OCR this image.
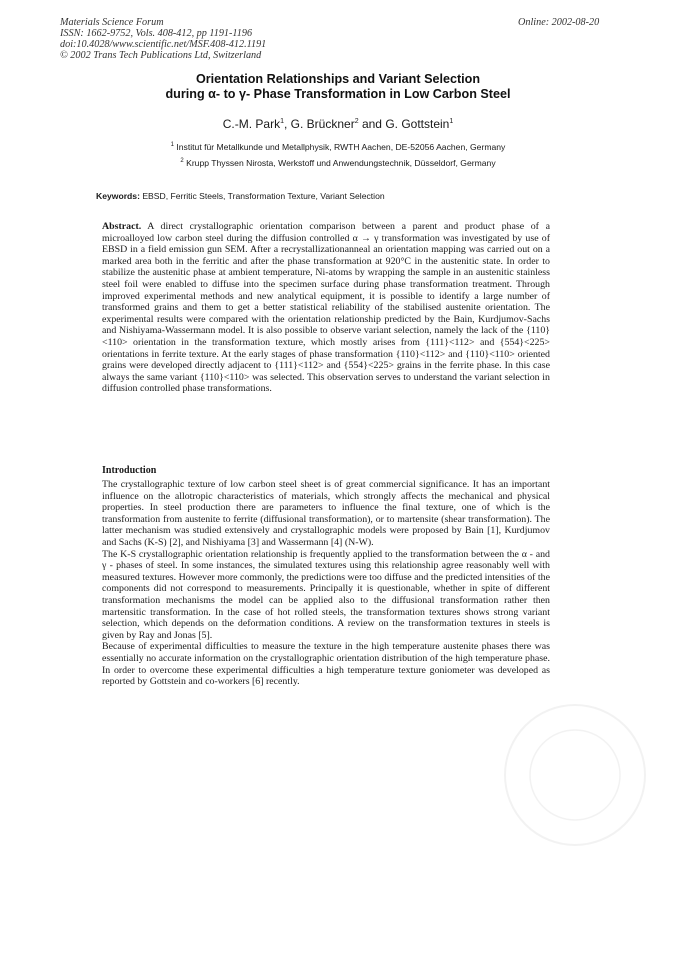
Materials Science Forum
ISSN: 1662-9752, Vols. 408-412, pp 1191-1196
doi:10.4028/www.scientific.net/MSF.408-412.1191
© 2002 Trans Tech Publications Ltd, Switzerland
Online: 2002-08-20
Orientation Relationships and Variant Selection
during α- to γ- Phase Transformation in Low Carbon Steel
C.-M. Park$^1$, G. Brückner$^2$ and G. Gottstein$^1$
$^1$ Institut für Metallkunde und Metallphysik, RWTH Aachen, DE-52056 Aachen, Germany
$^2$ Krupp Thyssen Nirosta, Werkstoff und Anwendungstechnik, Düsseldorf, Germany
Keywords: EBSD, Ferritic Steels, Transformation Texture, Variant Selection
Abstract. A direct crystallographic orientation comparison between a parent and product phase of a microalloyed low carbon steel during the diffusion controlled α → γ transformation was investigated by use of EBSD in a field emission gun SEM. After a recrystallizationanneal an orientation mapping was carried out on a marked area both in the ferritic and after the phase transformation at 920°C in the austenitic state. In order to stabilize the austenitic phase at ambient temperature, Ni-atoms by wrapping the sample in an austenitic stainless steel foil were enabled to diffuse into the specimen surface during phase transformation treatment. Through improved experimental methods and new analytical equipment, it is possible to identify a large number of transformed grains and them to get a better statistical reliability of the stabilised austenite orientation. The experimental results were compared with the orientation relationship predicted by the Bain, Kurdjumov-Sachs and Nishiyama-Wassermann model. It is also possible to observe variant selection, namely the lack of the {110}<110> orientation in the transformation texture, which mostly arises from {111}<112> and {554}<225> orientations in ferrite texture. At the early stages of phase transformation {110}<112> and {110}<110> oriented grains were developed directly adjacent to {111}<112> and {554}<225> grains in the ferrite phase. In this case always the same variant {110}<110> was selected. This observation serves to understand the variant selection in diffusion controlled phase transformations.
Introduction

The crystallographic texture of low carbon steel sheet is of great commercial significance. It has an important influence on the allotropic characteristics of materials, which strongly affects the mechanical and physical properties. In steel production there are parameters to influence the final texture, one of which is the transformation from austenite to ferrite (diffusional transformation), or to martensite (shear transformation). The latter mechanism was studied extensively and crystallographic models were proposed by Bain [1], Kurdjumov and Sachs (K-S) [2], and Nishiyama [3] and Wassermann [4] (N-W).

The K-S crystallographic orientation relationship is frequently applied to the transformation between the α - and γ - phases of steel. In some instances, the simulated textures using this relationship agree reasonably well with measured textures. However more commonly, the predictions were too diffuse and the predicted intensities of the components did not correspond to measurements. Principally it is questionable, whether in spite of different transformation mechanisms the model can be applied also to the diffusional transformation rather then martensitic transformation. In the case of hot rolled steels, the transformation textures shows strong variant selection, which depends on the deformation conditions. A review on the transformation textures in steels is given by Ray and Jonas [5].

Because of experimental difficulties to measure the texture in the high temperature austenite phases there was essentially no accurate information on the crystallographic orientation distribution of the high temperature phase. In order to overcome these experimental difficulties a high temperature texture goniometer was developed as reported by Gottstein and co-workers [6] recently.
